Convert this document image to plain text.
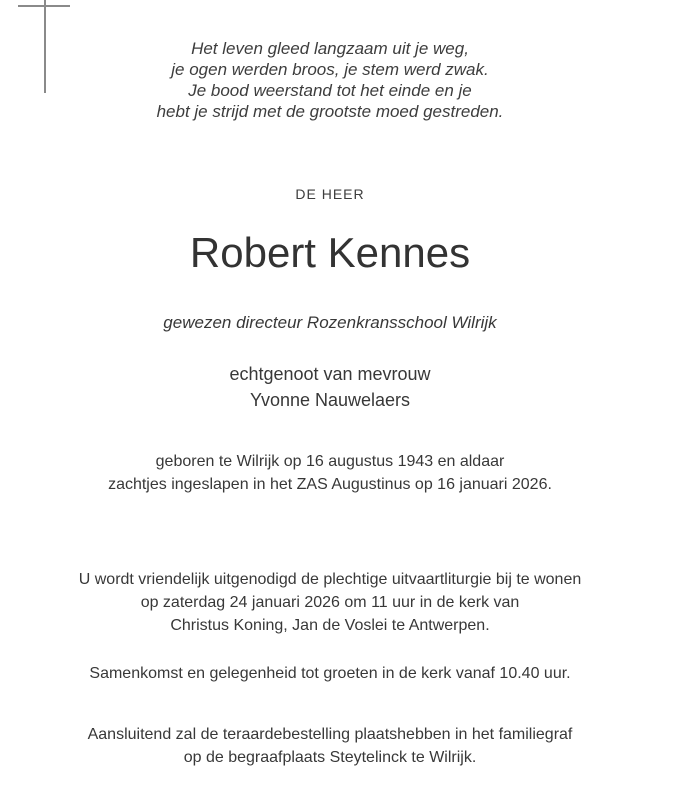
Het leven gleed langzaam uit je weg,

je ogen werden broos, je stem werd zwak.

Je bood weerstand tot het einde en je

hebt je strijd met de grootste moed gestreden.

DE HEER

Robert Kennes

gewezen directeur Rozenkransschool Wilrijk

echtgenoot van mevrouw

Yvonne Nauwelaers

geboren te Wilrijk op 16 augustus 1943 en aldaar

zachtjes ingeslapen in het ZAS Augustinus op 16 januari 2026.

U wordt vriendelijk uitgenodigd de plechtige uitvaartliturgie bij te wonen

op zaterdag 24 januari 2026 om 11 uur in de kerk van

Christus Koning, Jan de Voslei te Antwerpen.

Samenkomst en gelegenheid tot groeten in de kerk vanaf 10.40 uur.

Aansluitend zal de teraardebestelling plaatshebben in het familiegraf

op de begraafplaats Steytelinck te Wilrijk.
